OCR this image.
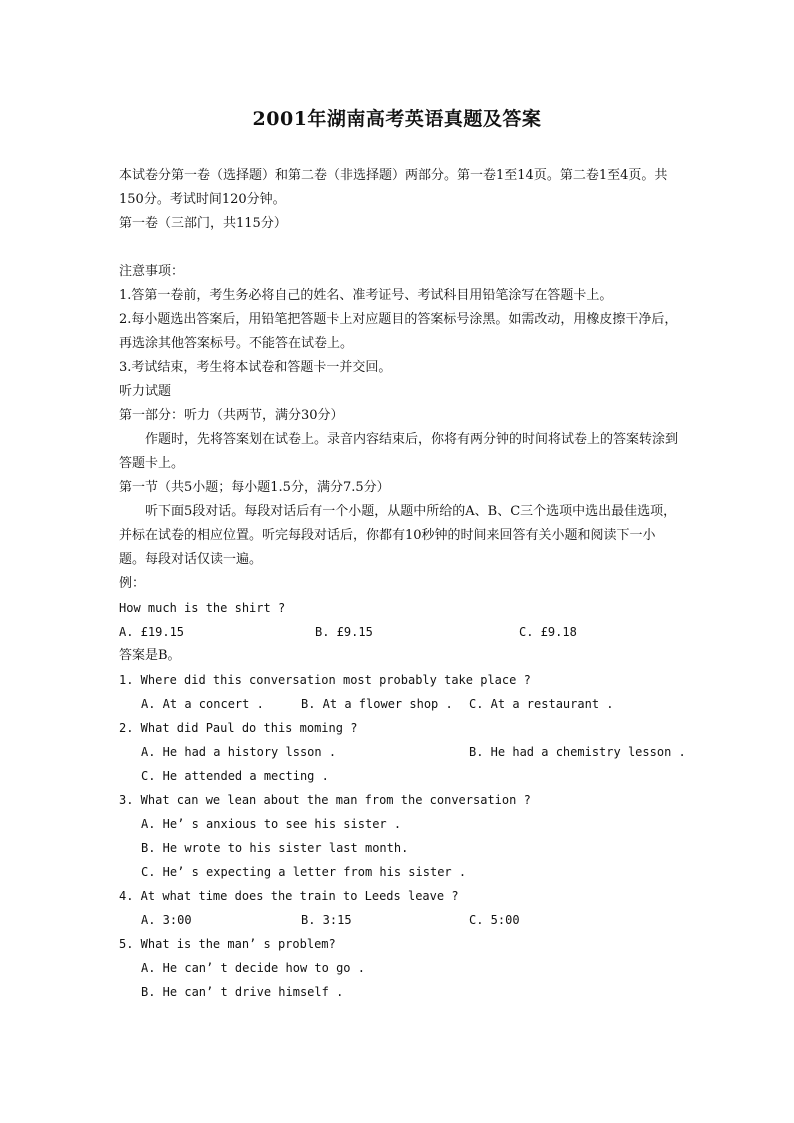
2001年湖南高考英语真题及答案
本试卷分第一卷（选择题）和第二卷（非选择题）两部分。第一卷1至14页。第二卷1至4页。共150分。考试时间120分钟。
第一卷（三部门，共115分）
注意事项：
1.答第一卷前，考生务必将自己的姓名、准考证号、考试科目用铅笔涂写在答题卡上。
2.每小题选出答案后，用铅笔把答题卡上对应题目的答案标号涂黑。如需改动，用橡皮擦干净后，再选涂其他答案标号。不能答在试卷上。
3.考试结束，考生将本试卷和答题卡一并交回。
听力试题
第一部分：听力（共两节，满分30分）
作题时，先将答案划在试卷上。录音内容结束后，你将有两分钟的时间将试卷上的答案转涂到答题卡上。
第一节（共5小题；每小题1.5分，满分7.5分）
听下面5段对话。每段对话后有一个小题，从题中所给的A、B、C三个选项中选出最佳选项，并标在试卷的相应位置。听完每段对话后，你都有10秒钟的时间来回答有关小题和阅读下一小题。每段对话仅读一遍。
例：
How much is the shirt ?
A. £19.15	B. £9.15	C. £9.18
答案是B。
1. Where did this conversation most probably take place ?
A. At a concert .	B. At a flower shop . C. At a restaurant .
2. What did Paul do this moming ?
A. He had a history lsson .	B. He had a chemistry lesson .
C. He attended a mecting .
3. What can we lean about the man from the conversation ?
A. He’ s anxious to see his sister .
B. He wrote to his sister last month.
C. He’ s expecting a letter from his sister .
4. At what time does the train to Leeds leave ?
A. 3:00	B. 3:15	C. 5:00
5. What is the man’ s problem?
A. He can’ t decide how to go .
B. He can’ t drive himself .
